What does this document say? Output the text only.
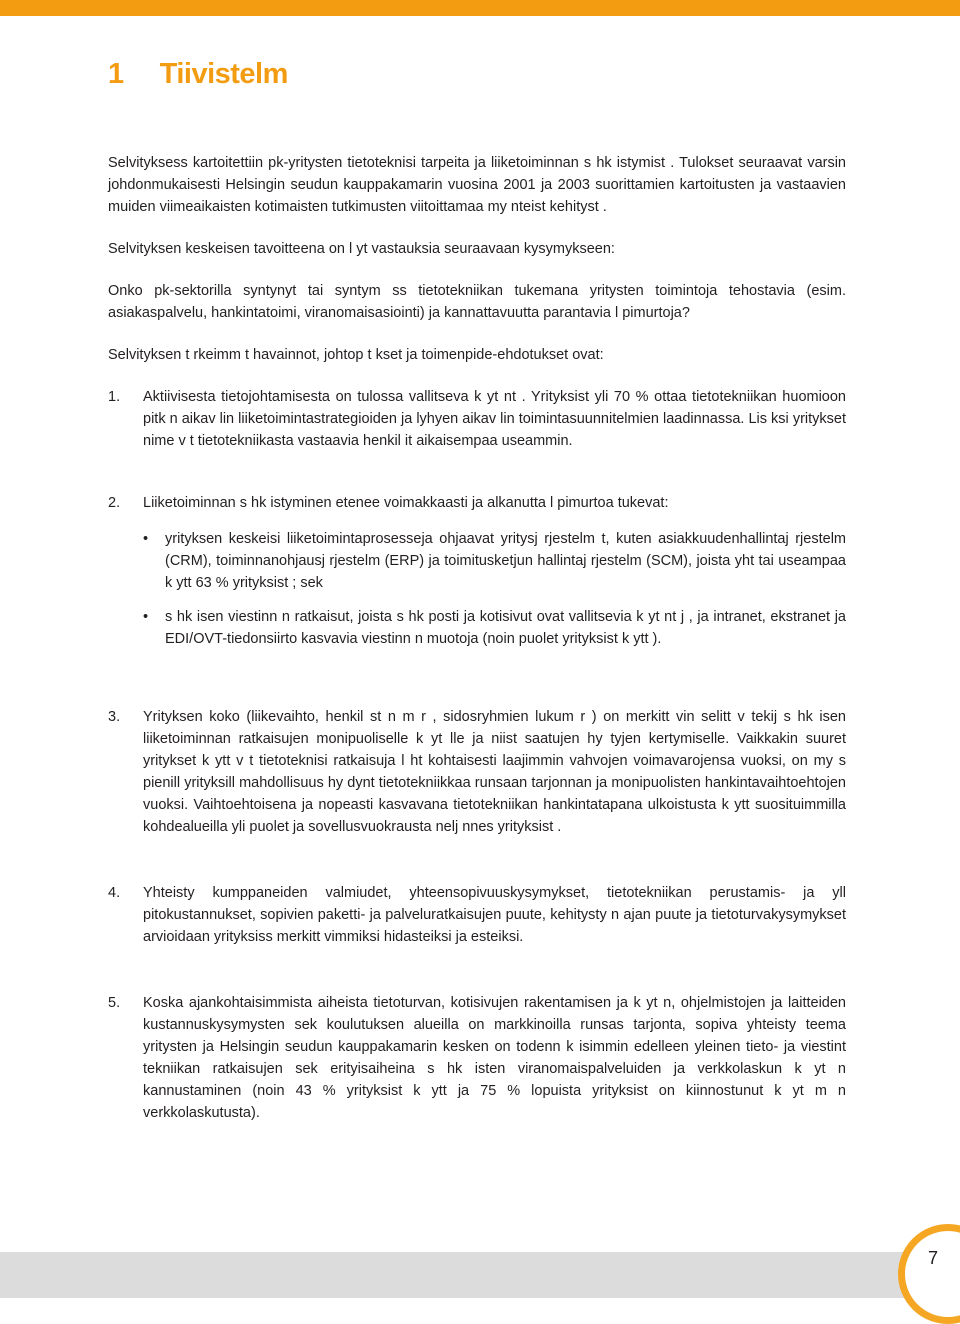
1 Tiivistelm

Selvityksess kartoitettiin pk-yritysten tietoteknisi tarpeita ja liiketoiminnan s hk istymist . Tulokset seuraavat varsin johdonmukaisesti Helsingin seudun kauppakamarin vuosina 2001 ja 2003 suorittamien kartoitusten ja vastaavien muiden viimeaikaisten kotimaisten tutkimusten viitoittamaa my nteist kehityst .

Selvityksen keskeisen tavoitteena on l yt vastauksia seuraavaan kysymykseen:

Onko pk-sektorilla syntynyt tai syntym ss tietotekniikan tukemana yritysten toimintoja tehostavia (esim. asiakaspalvelu, hankintatoimi, viranomaisasiointi) ja kannattavuutta parantavia l pimurtoja?

Selvityksen t rkeimm t havainnot, johtop t kset ja toimenpide-ehdotukset ovat:

1.	Aktiivisesta tietojohtamisesta on tulossa vallitseva k yt nt . Yrityksist yli 70 % ottaa tietotekniikan huomioon pitk n aikav lin liiketoimintastrategioiden ja lyhyen aikav lin toimintasuunnitelmien laadinnassa. Lis ksi yritykset nime v t tietotekniikasta vastaavia henkil it aikaisempaa useammin.
2.	Liiketoiminnan s hk istyminen etenee voimakkaasti ja alkanutta l pimurtoa tukevat:
•	yrityksen keskeisi liiketoimintaprosesseja ohjaavat yritysj rjestelm t, kuten asiakkuudenhallintaj rjestelm (CRM), toiminnanohjausj rjestelm (ERP) ja toimitusketjun hallintaj rjestelm (SCM), joista yht tai useampaa k ytt 63 % yrityksist ; sek
•	s hk isen viestinn n ratkaisut, joista s hk posti ja kotisivut ovat vallitsevia k yt nt j , ja intranet, ekstranet ja EDI/OVT-tiedonsiirto kasvavia viestinn n muotoja (noin puolet yrityksist k ytt ).
3.	Yrityksen koko (liikevaihto, henkil st n m r , sidosryhmien lukum r ) on merkitt vin selitt v tekij s hk isen liiketoiminnan ratkaisujen monipuoliselle k yt lle ja niist saatujen hy tyjen kertymiselle. Vaikkakin suuret yritykset k ytt v t tietoteknisi ratkaisuja l ht kohtaisesti laajimmin vahvojen voimavarojensa vuoksi, on my s pienill yrityksill mahdollisuus hy dynt tietotekniikkaa runsaan tarjonnan ja monipuolisten hankintavaihtoehtojen vuoksi. Vaihtoehtoisena ja nopeasti kasvavana tietotekniikan hankintatapana ulkoistusta k ytt suosituimmilla kohdealueilla yli puolet ja sovellusvuokrausta nelj nnes yrityksist .
4.	Yhteisty kumppaneiden valmiudet, yhteensopivuuskysymykset, tietotekniikan perustamis- ja yll pitokustannukset, sopivien paketti- ja palveluratkaisujen puute, kehitysty n ajan puute ja tietoturvakysymykset arvioidaan yrityksiss merkitt vimmiksi hidasteiksi ja esteiksi.
5.	Koska ajankohtaisimmista aiheista tietoturvan, kotisivujen rakentamisen ja k yt n, ohjelmistojen ja laitteiden kustannuskysymysten sek koulutuksen alueilla on markkinoilla runsas tarjonta, sopiva yhteisty teema yritysten ja Helsingin seudun kauppakamarin kesken on todenn k isimmin edelleen yleinen tieto- ja viestint tekniikan ratkaisujen sek erityisaiheina s hk isten viranomaispalveluiden ja verkkolaskun k yt n kannustaminen (noin 43 % yrityksist k ytt ja 75 % lopuista yrityksist on kiinnostunut k yt m n verkkolaskutusta).
7
